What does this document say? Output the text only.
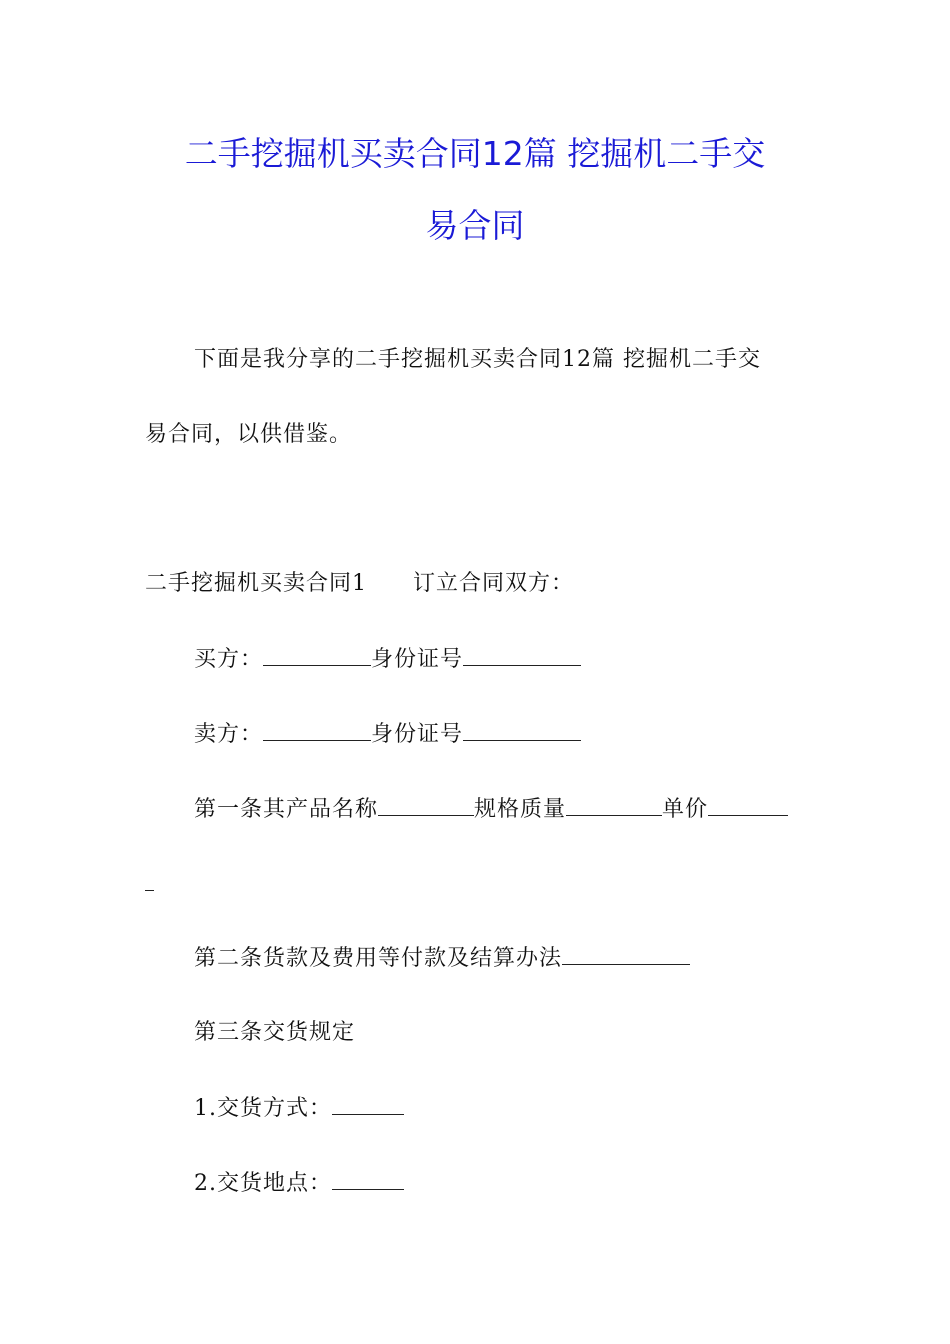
二手挖掘机买卖合同12篇 挖掘机二手交
易合同
下面是我分享的二手挖掘机买卖合同12篇 挖掘机二手交
易合同，以供借鉴。
二手挖掘机买卖合同1 订立合同双方：
买方：	身份证号
卖方：	身份证号
第一条其产品名称	规格质量	单价
第二条货款及费用等付款及结算办法
第三条交货规定
1.交货方式：
2.交货地点：
